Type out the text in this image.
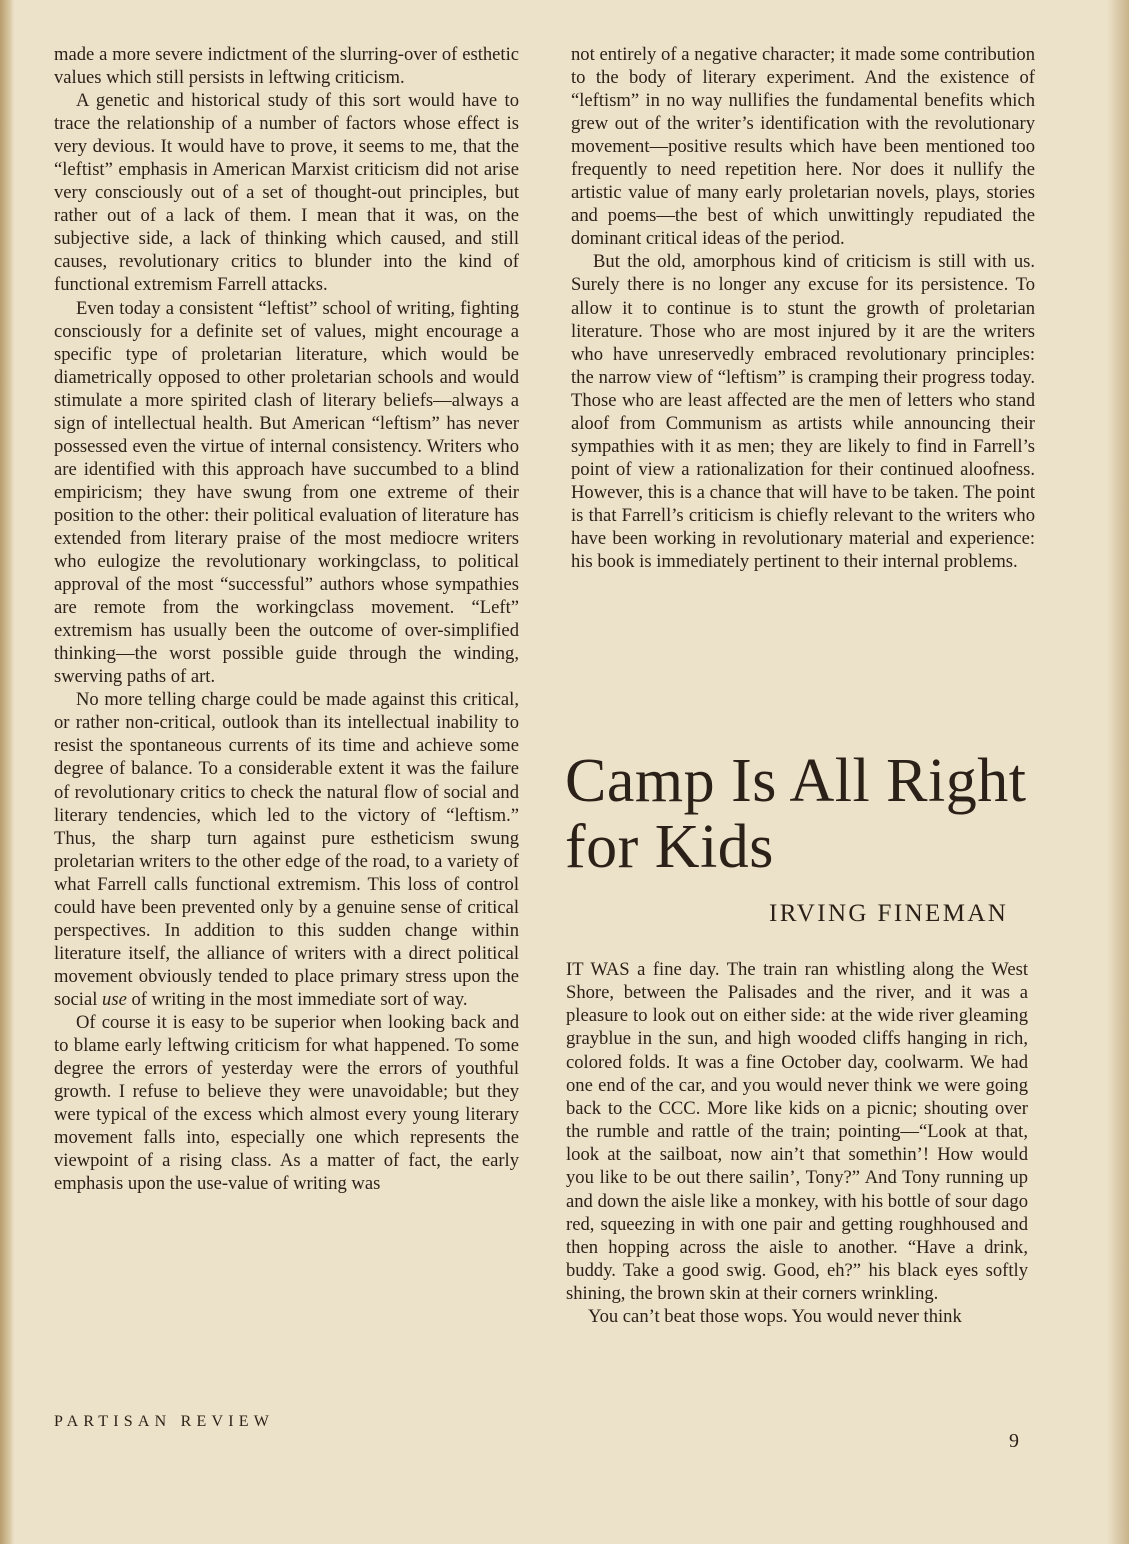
made a more severe indictment of the slurring-over of esthetic values which still persists in leftwing criticism.

A genetic and historical study of this sort would have to trace the relationship of a number of factors whose effect is very devious. It would have to prove, it seems to me, that the “leftist” emphasis in American Marxist criticism did not arise very consciously out of a set of thought-out principles, but rather out of a lack of them. I mean that it was, on the subjective side, a lack of thinking which caused, and still causes, revolutionary critics to blunder into the kind of functional extremism Farrell attacks.

Even today a consistent “leftist” school of writing, fighting consciously for a definite set of values, might encourage a specific type of proletarian literature, which would be diametrically opposed to other proletarian schools and would stimulate a more spirited clash of literary beliefs—always a sign of intellectual health. But American “leftism” has never possessed even the virtue of internal consistency. Writers who are identified with this approach have succumbed to a blind empiricism; they have swung from one extreme of their position to the other: their political evaluation of literature has extended from literary praise of the most mediocre writers who eulogize the revolutionary workingclass, to political approval of the most “successful” authors whose sympathies are remote from the workingclass movement. “Left” extremism has usually been the outcome of over-simplified thinking—the worst possible guide through the winding, swerving paths of art.

No more telling charge could be made against this critical, or rather non-critical, outlook than its intellectual inability to resist the spontaneous currents of its time and achieve some degree of balance. To a considerable extent it was the failure of revolutionary critics to check the natural flow of social and literary tendencies, which led to the victory of “leftism.” Thus, the sharp turn against pure estheticism swung proletarian writers to the other edge of the road, to a variety of what Farrell calls functional extremism. This loss of control could have been prevented only by a genuine sense of critical perspectives. In addition to this sudden change within literature itself, the alliance of writers with a direct political movement obviously tended to place primary stress upon the social use of writing in the most immediate sort of way.

Of course it is easy to be superior when looking back and to blame early leftwing criticism for what happened. To some degree the errors of yesterday were the errors of youthful growth. I refuse to believe they were unavoidable; but they were typical of the excess which almost every young literary movement falls into, especially one which represents the viewpoint of a rising class. As a matter of fact, the early emphasis upon the use-value of writing was

not entirely of a negative character; it made some contribution to the body of literary experiment. And the existence of “leftism” in no way nullifies the fundamental benefits which grew out of the writer’s identification with the revolutionary movement—positive results which have been mentioned too frequently to need repetition here. Nor does it nullify the artistic value of many early proletarian novels, plays, stories and poems—the best of which unwittingly repudiated the dominant critical ideas of the period.

But the old, amorphous kind of criticism is still with us. Surely there is no longer any excuse for its persistence. To allow it to continue is to stunt the growth of proletarian literature. Those who are most injured by it are the writers who have unreservedly embraced revolutionary principles: the narrow view of “leftism” is cramping their progress today. Those who are least affected are the men of letters who stand aloof from Communism as artists while announcing their sympathies with it as men; they are likely to find in Farrell’s point of view a rationalization for their continued aloofness. However, this is a chance that will have to be taken. The point is that Farrell’s criticism is chiefly relevant to the writers who have been working in revolutionary material and experience: his book is immediately pertinent to their internal problems.

Camp Is All Right
for Kids

IRVING FINEMAN

IT WAS a fine day. The train ran whistling along the West Shore, between the Palisades and the river, and it was a pleasure to look out on either side: at the wide river gleaming grayblue in the sun, and high wooded cliffs hanging in rich, colored folds. It was a fine October day, coolwarm. We had one end of the car, and you would never think we were going back to the CCC. More like kids on a picnic; shouting over the rumble and rattle of the train; pointing—“Look at that, look at the sailboat, now ain’t that somethin’! How would you like to be out there sailin’, Tony?” And Tony running up and down the aisle like a monkey, with his bottle of sour dago red, squeezing in with one pair and getting roughhoused and then hopping across the aisle to another. “Have a drink, buddy. Take a good swig. Good, eh?” his black eyes softly shining, the brown skin at their corners wrinkling.

You can’t beat those wops. You would never think

PARTISAN REVIEW

9
